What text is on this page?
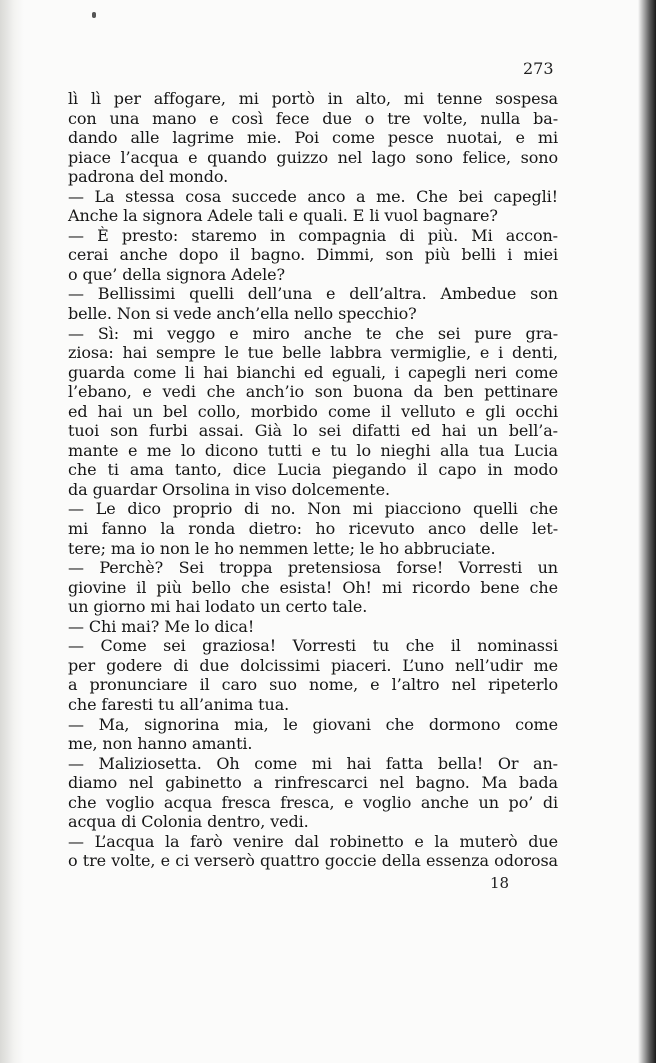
273
lì lì per affogare, mi portò in alto, mi tenne sospesa
con una mano e così fece due o tre volte, nulla ba-
dando alle lagrime mie. Poi come pesce nuotai, e mi
piace l’acqua e quando guizzo nel lago sono felice, sono
padrona del mondo.
— La stessa cosa succede anco a me. Che bei capegli!
Anche la signora Adele tali e quali. E li vuol bagnare?
— È presto: staremo in compagnia di più. Mi accon-
cerai anche dopo il bagno. Dimmi, son più belli i miei
o que’ della signora Adele?
— Bellissimi quelli dell’una e dell’altra. Ambedue son
belle. Non si vede anch’ella nello specchio?
— Sì: mi veggo e miro anche te che sei pure gra-
ziosa: hai sempre le tue belle labbra vermiglie, e i denti,
guarda come li hai bianchi ed eguali, i capegli neri come
l’ebano, e vedi che anch’io son buona da ben pettinare
ed hai un bel collo, morbido come il velluto e gli occhi
tuoi son furbi assai. Già lo sei difatti ed hai un bell’a-
mante e me lo dicono tutti e tu lo nieghi alla tua Lucia
che ti ama tanto, dice Lucia piegando il capo in modo
da guardar Orsolina in viso dolcemente.
— Le dico proprio di no. Non mi piacciono quelli che
mi fanno la ronda dietro: ho ricevuto anco delle let-
tere; ma io non le ho nemmen lette; le ho abbruciate.
— Perchè? Sei troppa pretensiosa forse! Vorresti un
giovine il più bello che esista! Oh! mi ricordo bene che
un giorno mi hai lodato un certo tale.
— Chi mai? Me lo dica!
— Come sei graziosa! Vorresti tu che il nominassi
per godere di due dolcissimi piaceri. L’uno nell’udir me
a pronunciare il caro suo nome, e l’altro nel ripeterlo
che faresti tu all’anima tua.
— Ma, signorina mia, le giovani che dormono come
me, non hanno amanti.
— Maliziosetta. Oh come mi hai fatta bella! Or an-
diamo nel gabinetto a rinfrescarci nel bagno. Ma bada
che voglio acqua fresca fresca, e voglio anche un po’ di
acqua di Colonia dentro, vedi.
— L’acqua la farò venire dal robinetto e la muterò due
o tre volte, e ci verserò quattro goccie della essenza odorosa
18
